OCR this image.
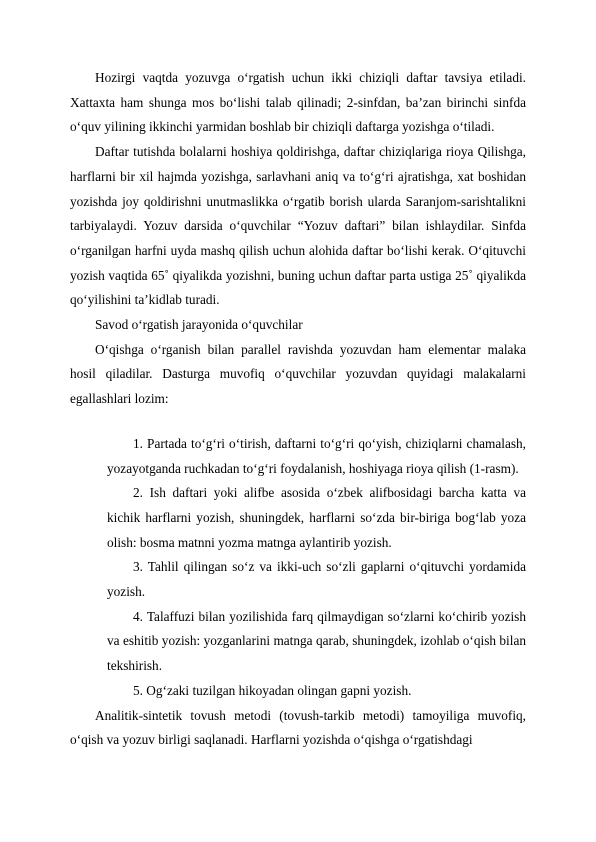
Hozirgi vaqtda yozuvga o‘rgatish uchun ikki chiziqli daftar tavsiya etiladi. Xattaxta ham shunga mos bo‘lishi talab qilinadi; 2-sinfdan, ba’zan birinchi sinfda o‘quv yilining ikkinchi yarmidan boshlab bir chiziqli daftarga yozishga o‘tiladi.

Daftar tutishda bolalarni hoshiya qoldirishga, daftar chiziqlariga rioya Qilishga, harflarni bir xil hajmda yozishga, sarlavhani aniq va to‘g‘ri ajratishga, xat boshidan yozishda joy qoldirishni unutmaslikka o‘rgatib borish ularda Saranjom-sarishtalikni tarbiyalaydi. Yozuv darsida o‘quvchilar “Yozuv daftari” bilan ishlaydilar. Sinfda o‘rganilgan harfni uyda mashq qilish uchun alohida daftar bo‘lishi kerak. O‘qituvchi yozish vaqtida 65˚ qiyalikda yozishni, buning uchun daftar parta ustiga 25˚ qiyalikda qo‘yilishini ta’kidlab turadi.

Savod o‘rgatish jarayonida o‘quvchilar

O‘qishga o‘rganish bilan parallel ravishda yozuvdan ham elementar malaka hosil qiladilar. Dasturga muvofiq o‘quvchilar yozuvdan quyidagi malakalarni egallashlari lozim:

1. Partada to‘g‘ri o‘tirish, daftarni to‘g‘ri qo‘yish, chiziqlarni chamalash, yozayotganda ruchkadan to‘g‘ri foydalanish, hoshiyaga rioya qilish (1-rasm).
2. Ish daftari yoki alifbe asosida o‘zbek alifbosidagi barcha katta va kichik harflarni yozish, shuningdek, harflarni so‘zda bir-biriga bog‘lab yoza olish: bosma matnni yozma matnga aylantirib yozish.
3. Tahlil qilingan so‘z va ikki-uch so‘zli gaplarni o‘qituvchi yordamida yozish.
4. Talaffuzi bilan yozilishida farq qilmaydigan so‘zlarni ko‘chirib yozish va eshitib yozish: yozganlarini matnga qarab, shuningdek, izohlab o‘qish bilan tekshirish.
5. Og‘zaki tuzilgan hikoyadan olingan gapni yozish.

Analitik-sintetik tovush metodi (tovush-tarkib metodi) tamoyiliga muvofiq, o‘qish va yozuv birligi saqlanadi. Harflarni yozishda o‘qishga o‘rgatishdagi
